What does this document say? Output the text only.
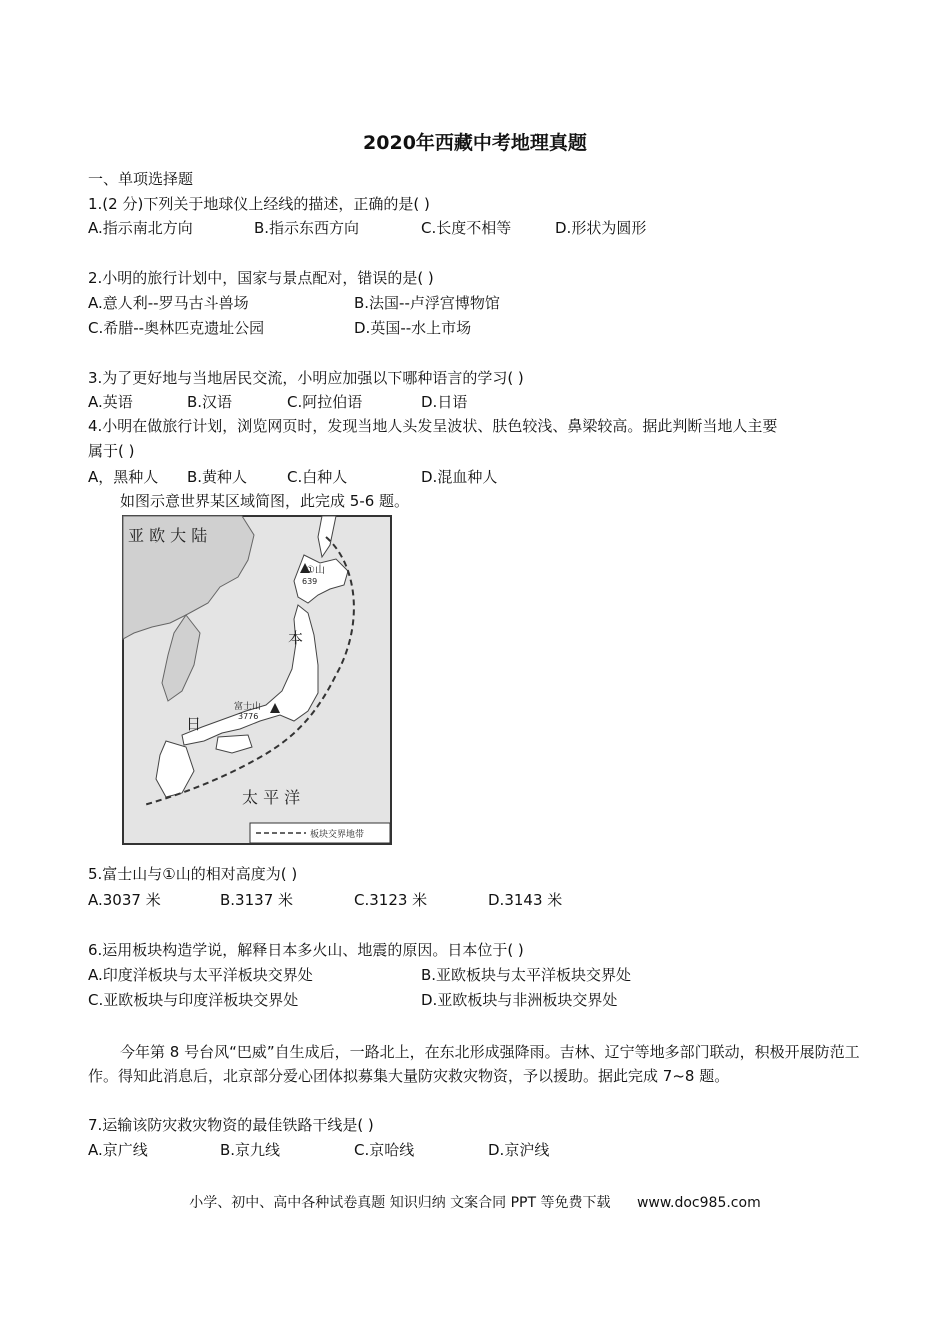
2020年西藏中考地理真题
一、单项选择题
1.(2 分)下列关于地球仪上经线的描述，正确的是( )
A.指示南北方向	B.指示东西方向	C.长度不相等	D.形状为圆形
2.小明的旅行计划中，国家与景点配对，错误的是( )
A.意人利--罗马古斗兽场	B.法国--卢浮宫博物馆
C.希腊--奥林匹克遗址公园	D.英国--水上市场
3.为了更好地与当地居民交流，小明应加强以下哪种语言的学习( )
A.英语	B.汉语	C.阿拉伯语	D.日语
4.小明在做旅行计划，浏览网页时，发现当地人头发呈波状、肤色较浅、鼻梁较高。据此判断当地人主要
属于( )
A，黑种人 B.黄种人	C.白种人	D.混血种人
如图示意世界某区域简图，此完成 5-6 题。
亚 欧 大 陆
①山
639
本
日
富士山
3776
太 平 洋
板块交界地带
5.富士山与①山的相对高度为( )
A.3037 米	B.3137 米	C.3123 米	D.3143 米
6.运用板块构造学说，解释日本多火山、地震的原因。日本位于( )
A.印度洋板块与太平洋板块交界处	B.亚欧板块与太平洋板块交界处
C.亚欧板块与印度洋板块交界处	D.亚欧板块与非洲板块交界处
今年第 8 号台风“巴威”自生成后，一路北上，在东北形成强降雨。吉林、辽宁等地多部门联动，积极开展防范工作。得知此消息后，北京部分爱心团体拟募集大量防灾救灾物资，予以援助。据此完成 7~8 题。
7.运输该防灾救灾物资的最佳铁路干线是( )
A.京广线	B.京九线	C.京哈线	D.京沪线
小学、初中、高中各种试卷真题 知识归纳 文案合同 PPT 等免费下载 www.doc985.com
